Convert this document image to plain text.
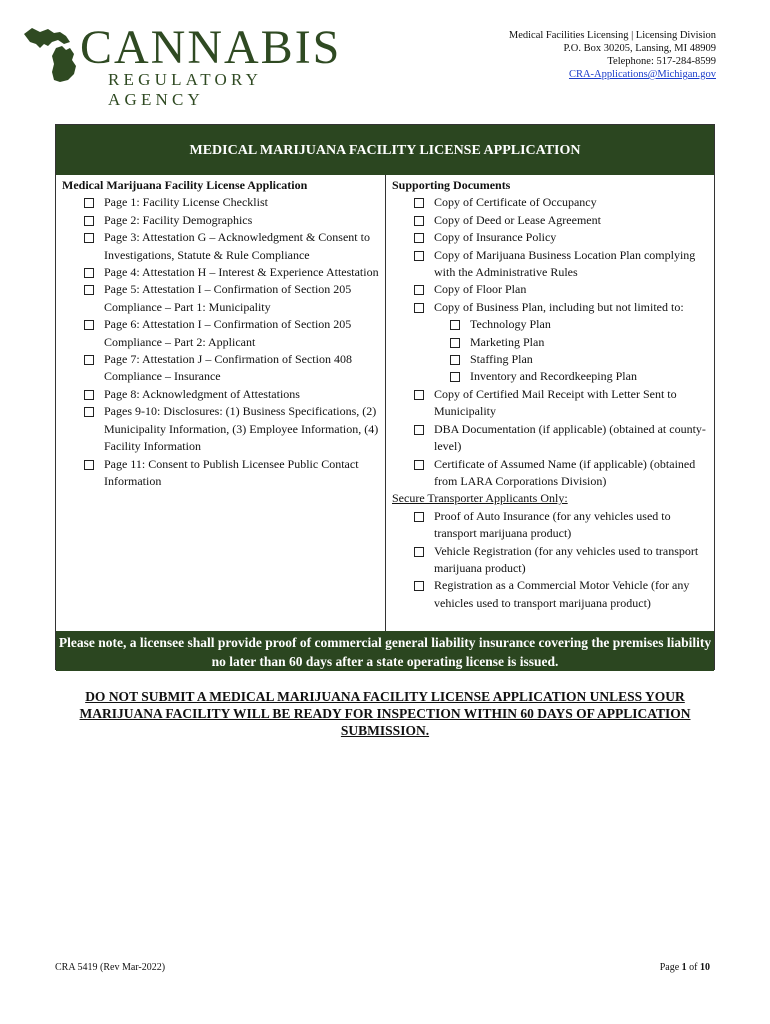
CANNABIS
REGULATORY AGENCY
Medical Facilities Licensing | Licensing Division
P.O. Box 30205, Lansing, MI 48909
Telephone: 517-284-8599
CRA-Applications@Michigan.gov
MEDICAL MARIJUANA FACILITY LICENSE APPLICATION
Medical Marijuana Facility License Application
Page 1: Facility License Checklist
Page 2: Facility Demographics
Page 3: Attestation G – Acknowledgment & Consent to Investigations, Statute & Rule Compliance
Page 4: Attestation H – Interest & Experience Attestation
Page 5: Attestation I – Confirmation of Section 205 Compliance – Part 1: Municipality
Page 6: Attestation I – Confirmation of Section 205 Compliance – Part 2: Applicant
Page 7: Attestation J – Confirmation of Section 408 Compliance – Insurance
Page 8: Acknowledgment of Attestations
Pages 9-10: Disclosures: (1) Business Specifications, (2) Municipality Information, (3) Employee Information, (4) Facility Information
Page 11: Consent to Publish Licensee Public Contact Information
Supporting Documents
Copy of Certificate of Occupancy
Copy of Deed or Lease Agreement
Copy of Insurance Policy
Copy of Marijuana Business Location Plan complying with the Administrative Rules
Copy of Floor Plan
Copy of Business Plan, including but not limited to:
Technology Plan
Marketing Plan
Staffing Plan
Inventory and Recordkeeping Plan
Copy of Certified Mail Receipt with Letter Sent to Municipality
DBA Documentation (if applicable) (obtained at county-level)
Certificate of Assumed Name (if applicable) (obtained from LARA Corporations Division)
Secure Transporter Applicants Only:
Proof of Auto Insurance (for any vehicles used to transport marijuana product)
Vehicle Registration (for any vehicles used to transport marijuana product)
Registration as a Commercial Motor Vehicle (for any vehicles used to transport marijuana product)
Please note, a licensee shall provide proof of commercial general liability insurance covering the premises liability no later than 60 days after a state operating license is issued.
DO NOT SUBMIT A MEDICAL MARIJUANA FACILITY LICENSE APPLICATION UNLESS YOUR MARIJUANA FACILITY WILL BE READY FOR INSPECTION WITHIN 60 DAYS OF APPLICATION SUBMISSION.
CRA 5419 (Rev Mar-2022)	Page 1 of 10
